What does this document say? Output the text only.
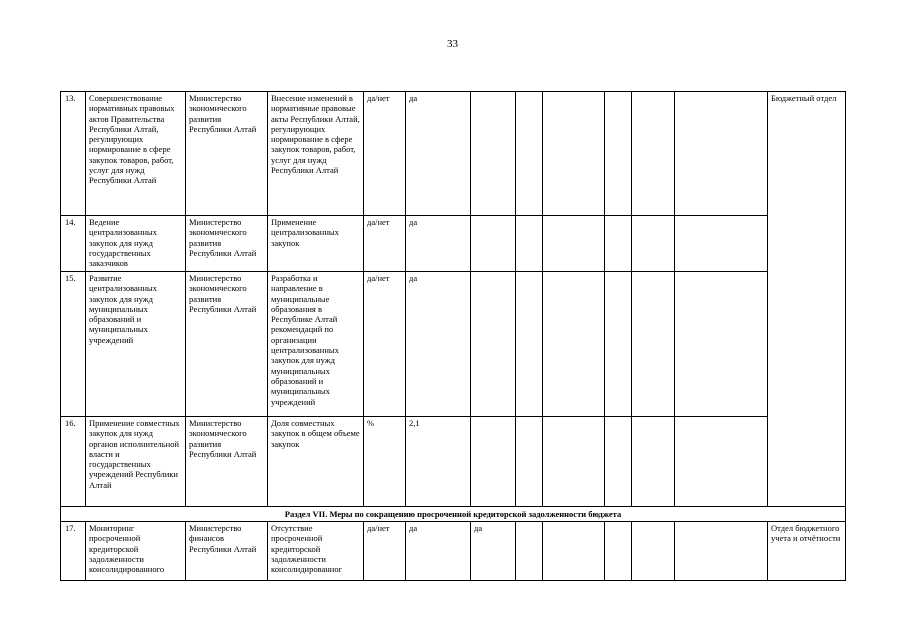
33
13.	Совершенствование нормативных правовых актов Правительства Республики Алтай, регулирующих нормирование в сфере закупок товаров, работ, услуг для нужд Республики Алтай	Министерство экономического развития Республики Алтай	Внесение изменений в нормативные правовые акты Республики Алтай, регулирующих нормирование в сфере закупок товаров, работ, услуг для нужд Республики Алтай	да/нет	да							Бюджетный отдел
14.	Ведение централизованных закупок для нужд государственных заказчиков	Министерство экономического развития Республики Алтай	Применение централизованных закупок	да/нет	да							
15.	Развитие централизованных закупок для нужд муниципальных образований и муниципальных учреждений	Министерство экономического развития Республики Алтай	Разработка и направление в муниципальные образования в Республике Алтай рекомендаций по организации централизованных закупок для нужд муниципальных образований и муниципальных учреждений	да/нет	да							
16.	Применение совместных закупок для нужд органов исполнительной власти и государственных учреждений Республики Алтай	Министерство экономического развития Республики Алтай	Доля совместных закупок в общем объеме закупок	%	2,1							
Раздел VII. Меры по сокращению просроченной кредиторской задолженности бюджета												
17.	Мониторинг просроченной кредиторской задолженности консолидированного	Министерство финансов Республики Алтай	Отсутствие просроченной кредиторской задолженности консолидированног	да/нет	да	да						Отдел бюджетного учета и отчётности
